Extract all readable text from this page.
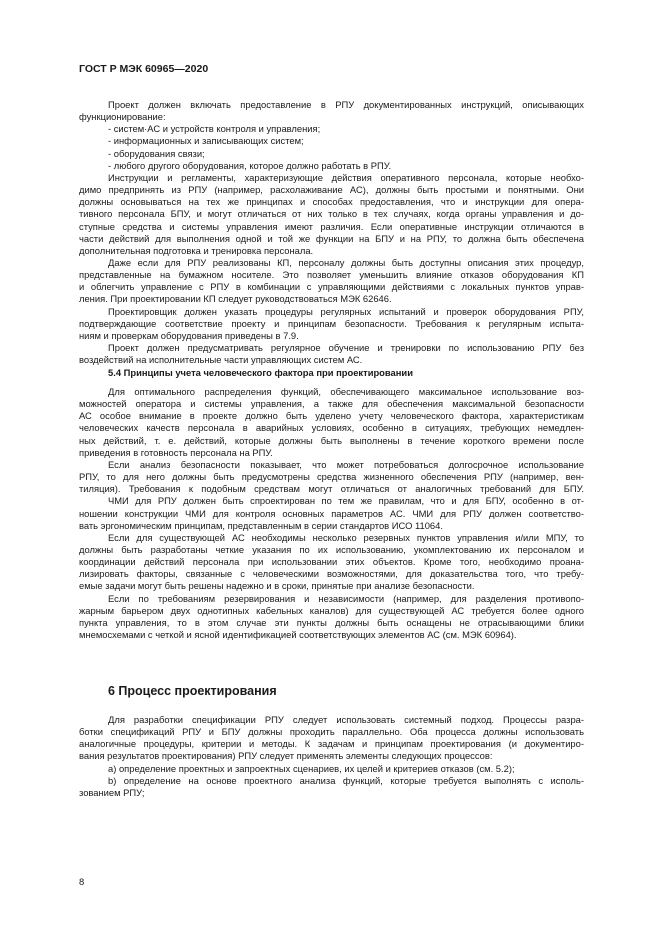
ГОСТ Р МЭК 60965—2020
Проект должен включать предоставление в РПУ документированных инструкций, описывающих
функционирование:
- систем·АС и устройств контроля и управления;
- информационных и записывающих систем;
- оборудования связи;
- любого другого оборудования, которое должно работать в РПУ.
Инструкции и регламенты, характеризующие действия оперативного персонала, которые необхо-
димо предпринять из РПУ (например, расхолаживание АС), должны быть простыми и понятными. Они
должны основываться на тех же принципах и способах предоставления, что и инструкции для опера-
тивного персонала БПУ, и могут отличаться от них только в тех случаях, когда органы управления и до-
ступные средства и системы управления имеют различия. Если оперативные инструкции отличаются в
части действий для выполнения одной и той же функции на БПУ и на РПУ, то должна быть обеспечена
дополнительная подготовка и тренировка персонала.
Даже если для РПУ реализованы КП, персоналу должны быть доступны описания этих процедур,
представленные на бумажном носителе. Это позволяет уменьшить влияние отказов оборудования КП
и облегчить управление с РПУ в комбинации с управляющими действиями с локальных пунктов управ-
ления. При проектировании КП следует руководствоваться МЭК 62646.
Проектировщик должен указать процедуры регулярных испытаний и проверок оборудования РПУ,
подтверждающие соответствие проекту и принципам безопасности. Требования к регулярным испыта-
ниям и проверкам оборудования приведены в 7.9.
Проект должен предусматривать регулярное обучение и тренировки по использованию РПУ без
воздействий на исполнительные части управляющих систем АС.
Для оптимального распределения функций, обеспечивающего максимальное использование воз-
можностей оператора и системы управления, а также для обеспечения максимальной безопасности
АС особое внимание в проекте должно быть уделено учету человеческого фактора, характеристикам
человеческих качеств персонала в аварийных условиях, особенно в ситуациях, требующих немедлен-
ных действий, т. е. действий, которые должны быть выполнены в течение короткого времени после
приведения в готовность персонала на РПУ.
Если анализ безопасности показывает, что может потребоваться долгосрочное использование
РПУ, то для него должны быть предусмотрены средства жизненного обеспечения РПУ (например, вен-
тиляция). Требования к подобным средствам могут отличаться от аналогичных требований для БПУ.
ЧМИ для РПУ должен быть спроектирован по тем же правилам, что и для БПУ, особенно в от-
ношении конструкции ЧМИ для контроля основных параметров АС. ЧМИ для РПУ должен соответство-
вать эргономическим принципам, представленным в серии стандартов ИСО 11064.
Если для существующей АС необходимы несколько резервных пунктов управления и/или МПУ, то
должны быть разработаны четкие указания по их использованию, укомплектованию их персоналом и
координации действий персонала при использовании этих объектов. Кроме того, необходимо проана-
лизировать факторы, связанные с человеческими возможностями, для доказательства того, что требу-
емые задачи могут быть решены надежно и в сроки, принятые при анализе безопасности.
Если по требованиям резервирования и независимости (например, для разделения противопо-
жарным барьером двух однотипных кабельных каналов) для существующей АС требуется более одного
пункта управления, то в этом случае эти пункты должны быть оснащены не отрасывающими блики
мнемосхемами с четкой и ясной идентификацией соответствующих элементов АС (см. МЭК 60964).
Для разработки спецификации РПУ следует использовать системный подход. Процессы разра-
ботки спецификаций РПУ и БПУ должны проходить параллельно. Оба процесса должны использовать
аналогичные процедуры, критерии и методы. К задачам и принципам проектирования (и документиро-
вания результатов проектирования) РПУ следует применять элементы следующих процессов:
а) определение проектных и запроектных сценариев, их целей и критериев отказов (см. 5.2);
b) определение на основе проектного анализа функций, которые требуется выполнять с исполь-
зованием РПУ;
5.4 Принципы учета человеческого фактора при проектировании
6 Процесс проектирования
8
